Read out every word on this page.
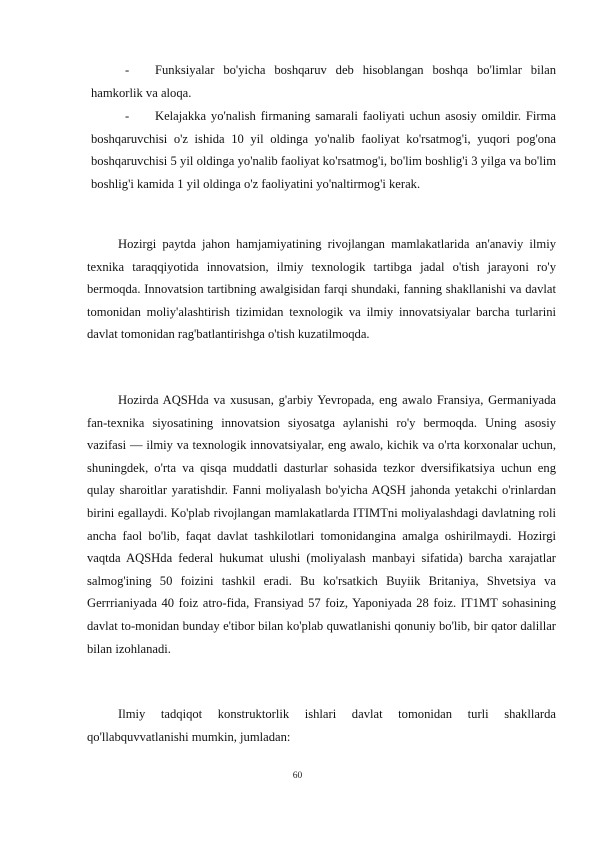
-	Funksiyalar bo'yicha boshqaruv deb hisoblangan boshqa bo'limlar bilan hamkorlik va aloqa.
-	Kelajakka yo'nalish firmaning samarali faoliyati uchun asosiy omildir. Firma boshqaruvchisi o'z ishida 10 yil oldinga yo'nalib faoliyat ko'rsatmog'i, yuqori pog'ona boshqaruvchisi 5 yil oldinga yo'nalib faoliyat ko'rsatmog'i, bo'lim boshlig'i 3 yilga va bo'lim boshlig'i kamida 1 yil oldinga o'z faoliyatini yo'naltirmog'i kerak.
Hozirgi paytda jahon hamjamiyatining rivojlangan mamlakatlarida an'anaviy ilmiy texnika taraqqiyotida innovatsion, ilmiy texnologik tartibga jadal o'tish jarayoni ro'y bermoqda. Innovatsion tartibning awalgisidan farqi shundaki, fanning shakllanishi va davlat tomonidan moliy'alashtirish tizimidan texnologik va ilmiy innovatsiyalar barcha turlarini davlat tomonidan rag'batlantirishga o'tish kuzatilmoqda.
Hozirda AQSHda va xususan, g'arbiy Yevropada, eng awalo Fransiya, Germaniyada fan-texnika siyosatining innovatsion siyosatga aylanishi ro'y bermoqda. Uning asosiy vazifasi — ilmiy va texnologik innovatsiyalar, eng awalo, kichik va o'rta korxonalar uchun, shuningdek, o'rta va qisqa muddatli dasturlar sohasida tezkor dversifikatsiya uchun eng qulay sharoitlar yaratishdir. Fanni moliyalash bo'yicha AQSH jahonda yetakchi o'rinlardan birini egallaydi. Ko'plab rivojlangan mamlakatlarda ITIMTni moliyalashdagi davlatning roli ancha faol bo'lib, faqat davlat tashkilotlari tomonidangina amalga oshirilmaydi. Hozirgi vaqtda AQSHda federal hukumat ulushi (moliyalash manbayi sifatida) barcha xarajatlar salmog'ining 50 foizini tashkil eradi. Bu ko'rsatkich Buyiik Britaniya, Shvetsiya va Gerrrianiyada 40 foiz atro-fida, Fransiyad 57 foiz, Yaponiyada 28 foiz. IT1MT sohasining davlat to-monidan bunday e'tibor bilan ko'plab quwatlanishi qonuniy bo'lib, bir qator dalillar bilan izohlanadi.
Ilmiy tadqiqot konstruktorlik ishlari davlat tomonidan turli shakllarda qo'llabquvvatlanishi mumkin, jumladan:
60
